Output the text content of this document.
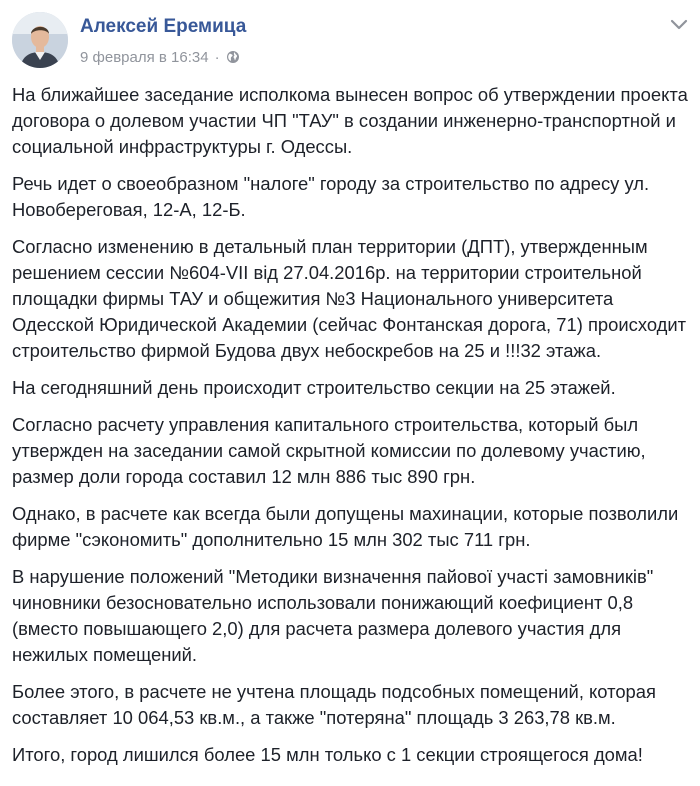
Алексей Еремица
9 февраля в 16:34 ·

На ближайшее заседание исполкома вынесен вопрос об утверждении проекта договора о долевом участии ЧП "ТАУ" в создании инженерно-транспортной и социальной инфраструктуры г. Одессы.

Речь идет о своеобразном "налоге" городу за строительство по адресу ул. Новобереговая, 12-А, 12-Б.

Согласно изменению в детальный план территории (ДПТ), утвержденным решением сессии №604-VII від 27.04.2016р. на территории строительной площадки фирмы ТАУ и общежития №3 Национального университета Одесской Юридической Академии (сейчас Фонтанская дорога, 71) происходит строительство фирмой Будова двух небоскребов на 25 и !!!32 этажа.

На сегодняшний день происходит строительство секции на 25 этажей.

Согласно расчету управления капитального строительства, который был утвержден на заседании самой скрытной комиссии по долевому участию, размер доли города составил 12 млн 886 тыс 890 грн.

Однако, в расчете как всегда были допущены махинации, которые позволили фирме "сэкономить" дополнительно 15 млн 302 тыс 711 грн.

В нарушение положений "Методики визначення пайової участі замовників" чиновники безосновательно использовали понижающий коефициент 0,8 (вместо повышающего 2,0) для расчета размера долевого участия для нежилых помещений.

Более этого, в расчете не учтена площадь подсобных помещений, которая составляет 10 064,53 кв.м., а также "потеряна" площадь 3 263,78 кв.м.

Итого, город лишился более 15 млн только с 1 секции строящегося дома!
